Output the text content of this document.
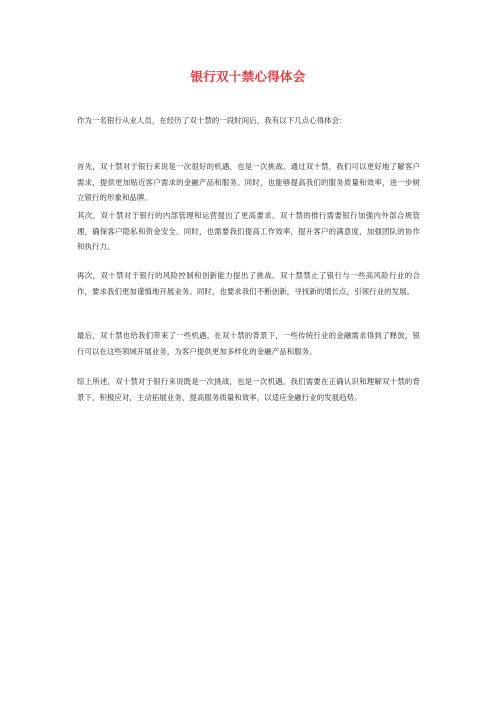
银行双十禁心得体会

作为一名银行从业人员，在经历了双十禁的一段时间后，我有以下几点心得体会：

首先，双十禁对于银行来说是一次很好的机遇，也是一次挑战。通过双十禁，我们可以更好地了解客户需求，提供更加贴近客户需求的金融产品和服务。同时，也能够提高我们的服务质量和效率，进一步树立银行的形象和品牌。

其次，双十禁对于银行的内部管理和运营提出了更高要求。双十禁的推行需要银行加强内外部合规管理，确保客户隐私和资金安全。同时，也需要我们提高工作效率，提升客户的满意度，加强团队的协作和执行力。

再次，双十禁对于银行的风险控制和创新能力提出了挑战。双十禁禁止了银行与一些高风险行业的合作，要求我们更加谨慎地开展业务。同时，也要求我们不断创新，寻找新的增长点，引领行业的发展。

最后，双十禁也给我们带来了一些机遇。在双十禁的背景下，一些传统行业的金融需求得到了释放，银行可以在这些领域开展业务，为客户提供更加多样化的金融产品和服务。

综上所述，双十禁对于银行来说既是一次挑战，也是一次机遇。我们需要在正确认识和理解双十禁的背景下，积极应对，主动拓展业务，提高服务质量和效率，以适应金融行业的发展趋势。
